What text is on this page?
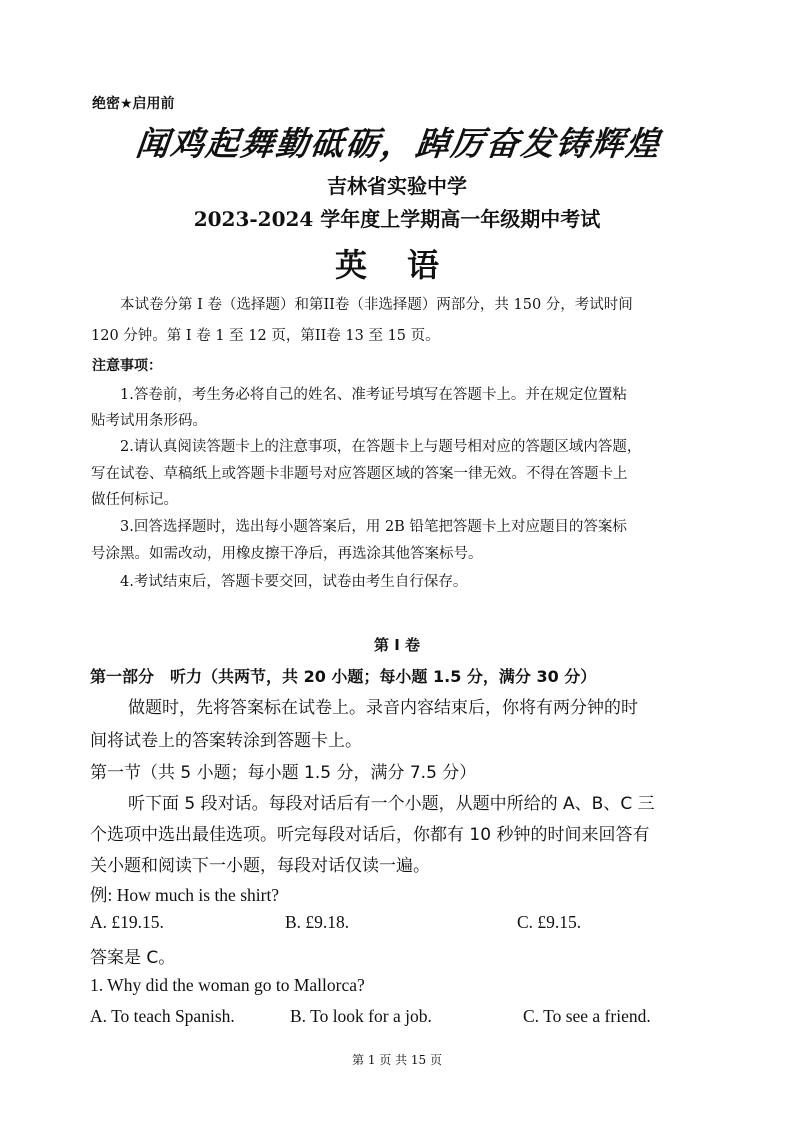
绝密★启用前
闻鸡起舞勤砥砺，踔厉奋发铸辉煌
吉林省实验中学
2023-2024 学年度上学期高一年级期中考试
英语
本试卷分第 I 卷（选择题）和第II卷（非选择题）两部分，共 150 分，考试时间
120 分钟。第 I 卷 1 至 12 页，第II卷 13 至 15 页。
注意事项：
1.答卷前，考生务必将自己的姓名、准考证号填写在答题卡上。并在规定位置粘
贴考试用条形码。
2.请认真阅读答题卡上的注意事项，在答题卡上与题号相对应的答题区域内答题，
写在试卷、草稿纸上或答题卡非题号对应答题区域的答案一律无效。不得在答题卡上
做任何标记。
3.回答选择题时，选出每小题答案后，用 2B 铅笔把答题卡上对应题目的答案标
号涂黑。如需改动，用橡皮擦干净后，再选涂其他答案标号。
4.考试结束后，答题卡要交回，试卷由考生自行保存。
第 I 卷
第一部分　听力（共两节，共 20 小题；每小题 1.5 分，满分 30 分）
做题时，先将答案标在试卷上。录音内容结束后，你将有两分钟的时
间将试卷上的答案转涂到答题卡上。
第一节（共 5 小题；每小题 1.5 分，满分 7.5 分）
听下面 5 段对话。每段对话后有一个小题，从题中所给的 A、B、C 三
个选项中选出最佳选项。听完每段对话后，你都有 10 秒钟的时间来回答有
关小题和阅读下一小题，每段对话仅读一遍。
例: How much is the shirt?
A. £19.15.	B. £9.18.	C. £9.15.
答案是 C。
1. Why did the woman go to Mallorca?
A. To teach Spanish.	B. To look for a job.	C. To see a friend.
第 1 页 共 15 页
